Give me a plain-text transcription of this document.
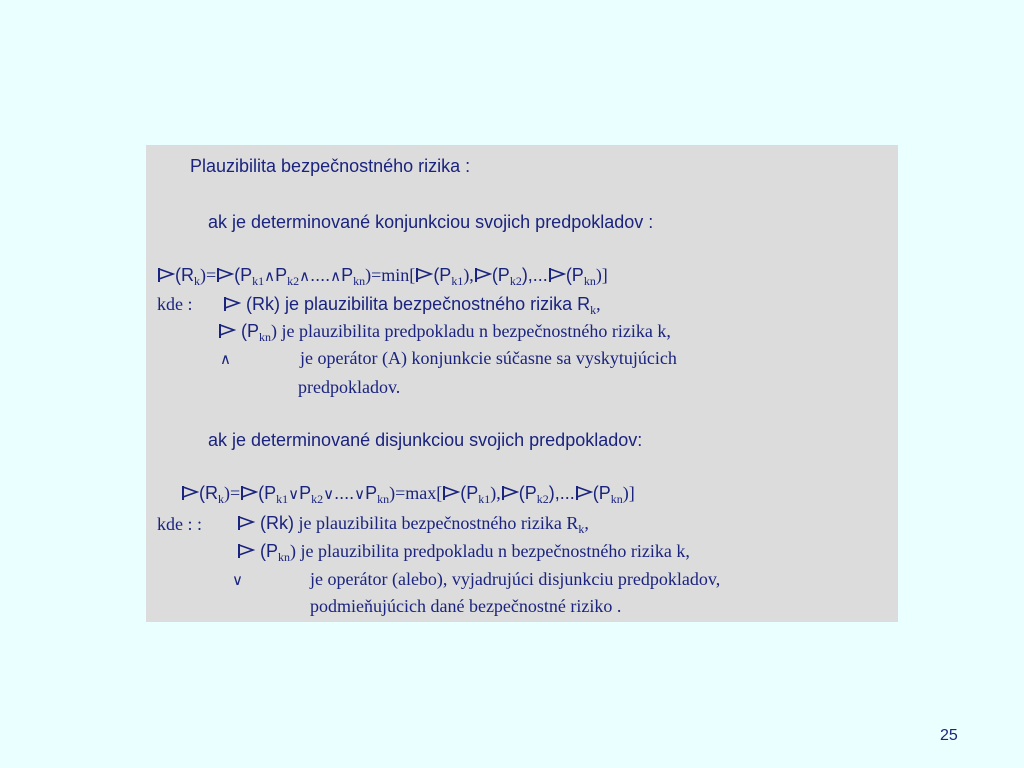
Plauzibilita bezpečnostného rizika :
ak je determinované konjunkciou svojich predpokladov :
$(R_k)=$ $(P_{k1}\wedge P_{k2}\wedge....\wedge P_{kn})=\min$[ $(P_{k1})$, $(P_{k2})$,... $(P_{kn})$]
kde :	(Rk) je plauzibilita bezpečnostného rizika $R_k$,
$(P_{kn})$ je plauzibilita predpokladu n bezpečnostného rizika k,
∧	je operátor (A) konjunkcie súčasne sa vyskytujúcich
predpokladov.
ak je determinované disjunkciou svojich predpokladov:
$(R_k)=$ $(P_{k1}\vee P_{k2}\vee....\vee P_{kn})=\max$[ $(P_{k1})$, $(P_{k2})$,... $(P_{kn})$]
kde : :	(Rk) je plauzibilita bezpečnostného rizika $R_k$,
$(P_{kn})$ je plauzibilita predpokladu n bezpečnostného rizika k,
∨	je operátor (alebo), vyjadrujúci disjunkciu predpokladov,
podmieňujúcich dané bezpečnostné riziko .
25
